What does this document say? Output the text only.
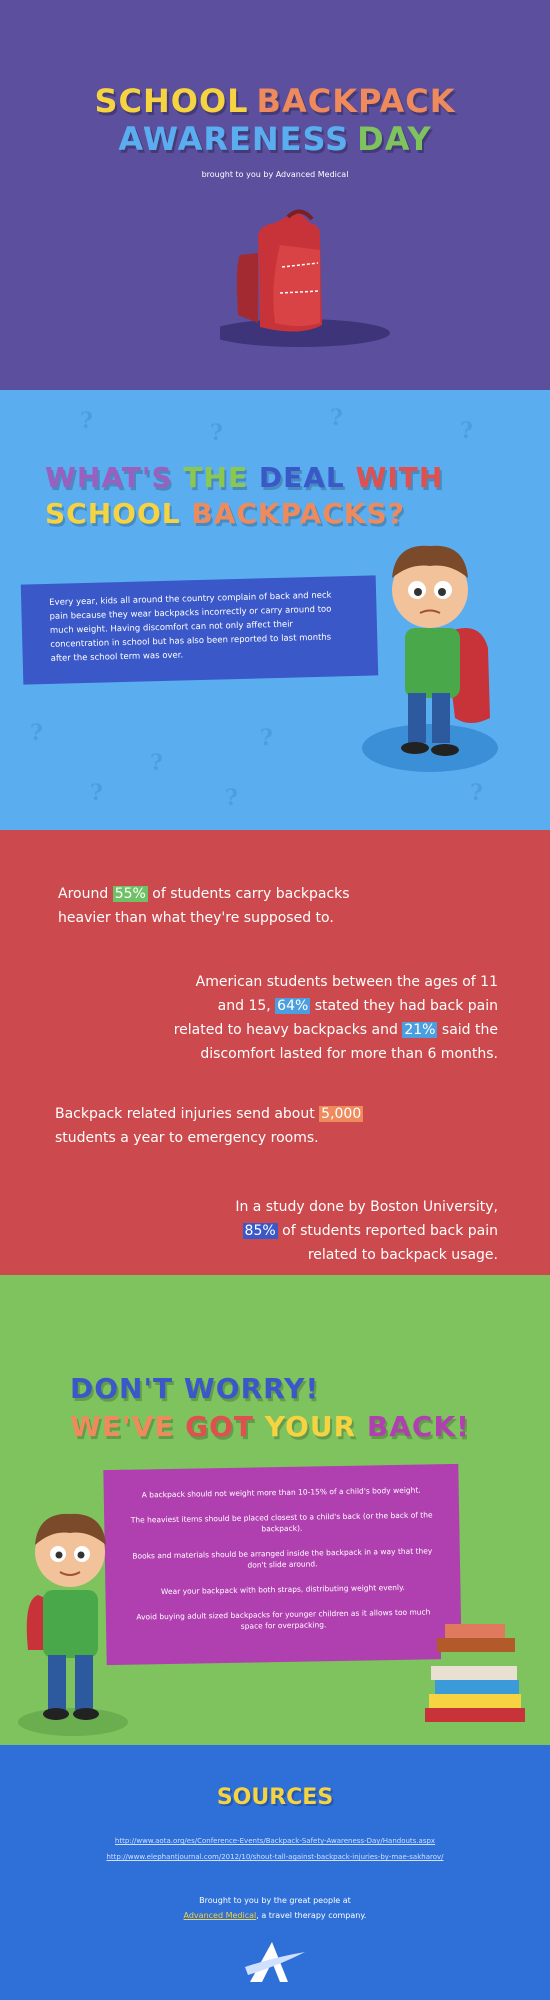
SCHOOL BACKPACK
AWARENESS DAY
brought to you by Advanced Medical
?	?
?	?
?
?
?
?	?	?
WHAT'S THE DEAL WITH
SCHOOL BACKPACKS?

Every year, kids all around the country complain of back and neck pain because they wear backpacks incorrectly or carry around too much weight. Having discomfort can not only affect their concentration in school but has also been reported to last months after the school term was over.

Around 55% of students carry backpacks heavier than what they're supposed to.
American students between the ages of 11 and 15, 64% stated they had back pain related to heavy backpacks and 21% said the discomfort lasted for more than 6 months.
Backpack related injuries send about 5,000 students a year to emergency rooms.
In a study done by Boston University, 85% of students reported back pain related to backpack usage.
DON'T WORRY!
WE'VE GOT YOUR BACK!

A backpack should not weight more than 10-15% of a child's body weight.

The heaviest items should be placed closest to a child's back (or the back of the backpack).

Books and materials should be arranged inside the backpack in a way that they don't slide around.

Wear your backpack with both straps, distributing weight evenly.

Avoid buying adult sized backpacks for younger children as it allows too much space for overpacking.

SOURCES
http://www.aota.org/es/Conference-Events/Backpack-Safety-Awareness-Day/Handouts.aspx
http://www.elephantjournal.com/2012/10/shout-tall-against-backpack-injuries-by-mae-sakharov/
Brought to you by the great people at
Advanced Medical, a travel therapy company.
